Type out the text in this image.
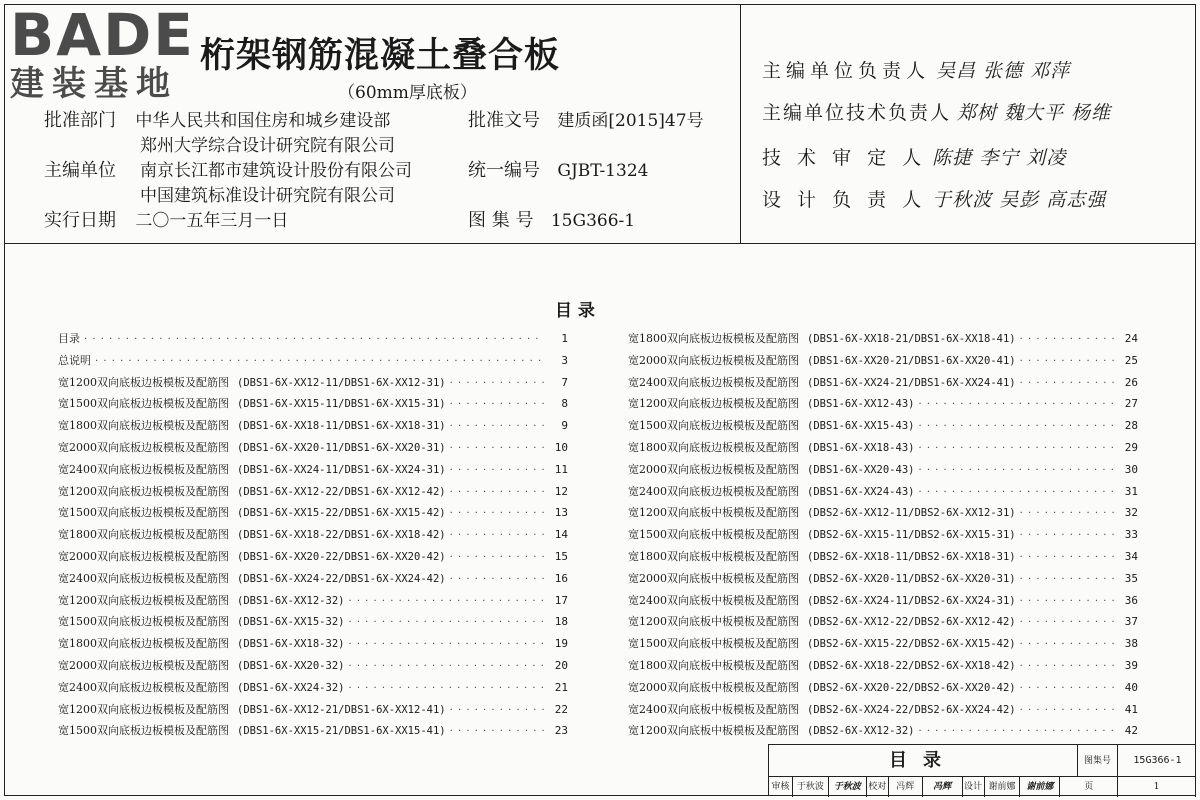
BADE
建装基地
桁架钢筋混凝土叠合板
（60mm厚底板）
批准部门 中华人民共和国住房和城乡建设部
郑州大学综合设计研究院有限公司
主编单位 南京长江都市建筑设计股份有限公司
中国建筑标准设计研究院有限公司
实行日期 二〇一五年三月一日
批准文号 建质函[2015]47号
统一编号 GJBT-1324
图 集 号 15G366-1
主编单位负责人 吴昌 张德 邓萍
主编单位技术负责人 郑树 魏大平 杨维
技 术 审 定 人 陈捷 李宁 刘凌
设 计 负 责 人 于秋波 吴彭 高志强
目 录
目录 · · ·	1
总说明 · · ·	3
宽1200双向底板边板模板及配筋图 (DBS1-6X-XX12-11/DBS1-6X-XX12-31) · · ·	7
宽1500双向底板边板模板及配筋图 (DBS1-6X-XX15-11/DBS1-6X-XX15-31) · · ·	8
宽1800双向底板边板模板及配筋图 (DBS1-6X-XX18-11/DBS1-6X-XX18-31) · · ·	9
宽2000双向底板边板模板及配筋图 (DBS1-6X-XX20-11/DBS1-6X-XX20-31) · · ·	10
宽2400双向底板边板模板及配筋图 (DBS1-6X-XX24-11/DBS1-6X-XX24-31) · · ·	11
宽1200双向底板边板模板及配筋图 (DBS1-6X-XX12-22/DBS1-6X-XX12-42) · · ·	12
宽1500双向底板边板模板及配筋图 (DBS1-6X-XX15-22/DBS1-6X-XX15-42) · · ·	13
宽1800双向底板边板模板及配筋图 (DBS1-6X-XX18-22/DBS1-6X-XX18-42) · · ·	14
宽2000双向底板边板模板及配筋图 (DBS1-6X-XX20-22/DBS1-6X-XX20-42) · · ·	15
宽2400双向底板边板模板及配筋图 (DBS1-6X-XX24-22/DBS1-6X-XX24-42) · · ·	16
宽1200双向底板边板模板及配筋图 (DBS1-6X-XX12-32) · · ·	17
宽1500双向底板边板模板及配筋图 (DBS1-6X-XX15-32) · · ·	18
宽1800双向底板边板模板及配筋图 (DBS1-6X-XX18-32) · · ·	19
宽2000双向底板边板模板及配筋图 (DBS1-6X-XX20-32) · · ·	20
宽2400双向底板边板模板及配筋图 (DBS1-6X-XX24-32) · · ·	21
宽1200双向底板边板模板及配筋图 (DBS1-6X-XX12-21/DBS1-6X-XX12-41) · · ·	22
宽1500双向底板边板模板及配筋图 (DBS1-6X-XX15-21/DBS1-6X-XX15-41) · · ·	23
宽1800双向底板边板模板及配筋图 (DBS1-6X-XX18-21/DBS1-6X-XX18-41) · · ·	24
宽2000双向底板边板模板及配筋图 (DBS1-6X-XX20-21/DBS1-6X-XX20-41) · · ·	25
宽2400双向底板边板模板及配筋图 (DBS1-6X-XX24-21/DBS1-6X-XX24-41) · · ·	26
宽1200双向底板边板模板及配筋图 (DBS1-6X-XX12-43) · · ·	27
宽1500双向底板边板模板及配筋图 (DBS1-6X-XX15-43) · · ·	28
宽1800双向底板边板模板及配筋图 (DBS1-6X-XX18-43) · · ·	29
宽2000双向底板边板模板及配筋图 (DBS1-6X-XX20-43) · · ·	30
宽2400双向底板边板模板及配筋图 (DBS1-6X-XX24-43) · · ·	31
宽1200双向底板中板模板及配筋图 (DBS2-6X-XX12-11/DBS2-6X-XX12-31) · · ·	32
宽1500双向底板中板模板及配筋图 (DBS2-6X-XX15-11/DBS2-6X-XX15-31) · · ·	33
宽1800双向底板中板模板及配筋图 (DBS2-6X-XX18-11/DBS2-6X-XX18-31) · · ·	34
宽2000双向底板中板模板及配筋图 (DBS2-6X-XX20-11/DBS2-6X-XX20-31) · · ·	35
宽2400双向底板中板模板及配筋图 (DBS2-6X-XX24-11/DBS2-6X-XX24-31) · · ·	36
宽1200双向底板中板模板及配筋图 (DBS2-6X-XX12-22/DBS2-6X-XX12-42) · · ·	37
宽1500双向底板中板模板及配筋图 (DBS2-6X-XX15-22/DBS2-6X-XX15-42) · · ·	38
宽1800双向底板中板模板及配筋图 (DBS2-6X-XX18-22/DBS2-6X-XX18-42) · · ·	39
宽2000双向底板中板模板及配筋图 (DBS2-6X-XX20-22/DBS2-6X-XX20-42) · · ·	40
宽2400双向底板中板模板及配筋图 (DBS2-6X-XX24-22/DBS2-6X-XX24-42) · · ·	41
宽1200双向底板中板模板及配筋图 (DBS2-6X-XX12-32) · · ·	42
目录	图集号	15G366-1
审核 于秋波	于秋波 校对	冯辉	冯辉	设计 谢前娜	谢前娜	页	1
